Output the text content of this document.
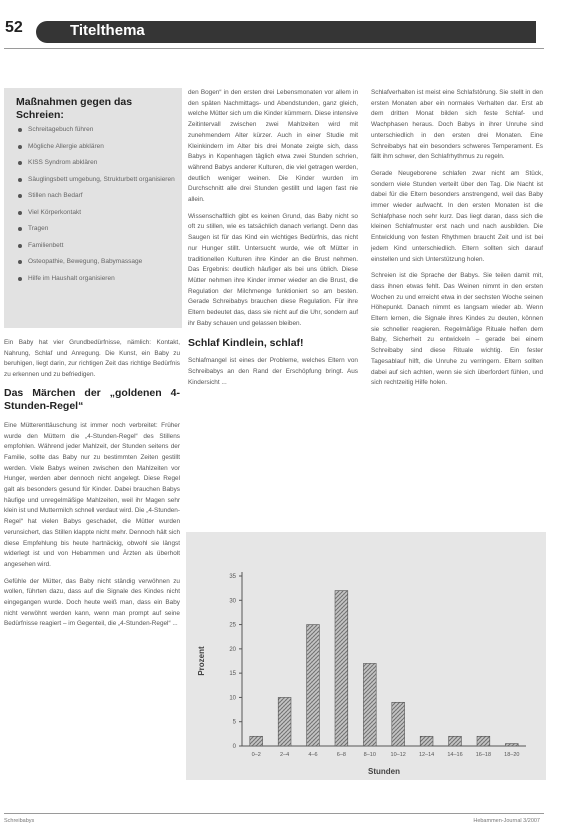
52	Titelthema
Maßnahmen gegen das Schreien:
Schreitagebuch führen
Mögliche Allergie abklären
KISS Syndrom abklären
Säuglingsbett umgebung, Strukturbett organisieren
Stillen nach Bedarf
Viel Körperkontakt
Tragen
Familienbett
Osteopathie, Bewegung, Babymassage
Hilfe im Haushalt organisieren

Ein Baby hat vier Grundbedürfnisse, nämlich: Kontakt, Nahrung, Schlaf und Anregung. Die Kunst, ein Baby zu beruhigen, liegt darin, zur richtigen Zeit das richtige Bedürfnis zu erkennen und zu befriedigen.

Das Märchen der „goldenen 4-Stunden-Regel“

Eine Mütterenttäuschung ist immer noch verbreitet: Früher wurde den Müttern die „4-Stunden-Regel“ des Stillens empfohlen. Während jeder Mahlzeit, der Stunden seitens der Familie, sollte das Baby nur zu bestimmten Zeiten gestillt werden. Viele Babys weinen zwischen den Mahlzeiten vor Hunger, werden aber dennoch nicht angelegt. Diese Regel galt als besonders gesund für Kinder. Dabei brauchen Babys häufige und unregelmäßige Mahlzeiten, weil ihr Magen sehr klein ist und Muttermilch schnell verdaut wird. Die „4-Stunden-Regel“ hat vielen Babys geschadet, die Mütter wurden verunsichert, das Stillen klappte nicht mehr. Dennoch hält sich diese Empfehlung bis heute hartnäckig, obwohl sie längst widerlegt ist und von Hebammen und Ärzten als überholt angesehen wird.

Gefühle der Mütter, das Baby nicht ständig verwöhnen zu wollen, führten dazu, dass auf die Signale des Kindes nicht eingegangen wurde. Doch heute weiß man, dass ein Baby nicht verwöhnt werden kann, wenn man prompt auf seine Bedürfnisse reagiert – im Gegenteil, die „4-Stunden-Regel“ ...

den Bogen“ in den ersten drei Lebensmonaten vor allem in den späten Nachmittags- und Abendstunden, ganz gleich, welche Mütter sich um die Kinder kümmern. Diese intensive Zeitintervall zwischen zwei Mahlzeiten wird mit zunehmendem Alter kürzer. Auch in einer Studie mit Kleinkindern im Alter bis drei Monate zeigte sich, dass Babys in Kopenhagen täglich etwa zwei Stunden schrien, während Babys anderer Kulturen, die viel getragen werden, deutlich weniger weinen. Die Kinder wurden im Durchschnitt alle drei Stunden gestillt und lagen fast nie allein.

Wissenschaftlich gibt es keinen Grund, das Baby nicht so oft zu stillen, wie es tatsächlich danach verlangt. Denn das Saugen ist für das Kind ein wichtiges Bedürfnis, das nicht nur Hunger stillt. Untersucht wurde, wie oft Mütter in traditionellen Kulturen ihre Kinder an die Brust nehmen. Das Ergebnis: deutlich häufiger als bei uns üblich. Diese Mütter nehmen ihre Kinder immer wieder an die Brust, die Regulation der Milchmenge funktioniert so am besten. Gerade Schreibabys brauchen diese Regulation. Für ihre Eltern bedeutet das, dass sie nicht auf die Uhr, sondern auf ihr Baby schauen und gelassen bleiben.

Schlaf Kindlein, schlaf!

Schlafmangel ist eines der Probleme, welches Eltern von Schreibabys an den Rand der Erschöpfung bringt. Aus Kindersicht ...

Schlafverhalten ist meist eine Schlafstörung. Sie stellt in den ersten Monaten aber ein normales Verhalten dar. Erst ab dem dritten Monat bilden sich feste Schlaf- und Wachphasen heraus. Doch Babys in ihrer Unruhe sind unterschiedlich in den ersten drei Monaten. Eine Schreibabys hat ein besonders schweres Temperament. Es fällt ihm schwer, den Schlafrhythmus zu regeln.

Gerade Neugeborene schlafen zwar nicht am Stück, sondern viele Stunden verteilt über den Tag. Die Nacht ist dabei für die Eltern besonders anstrengend, weil das Baby immer wieder aufwacht. In den ersten Monaten ist die Schlafphase noch sehr kurz. Das liegt daran, dass sich die kleinen Schlafmuster erst nach und nach ausbilden. Die Entwicklung von festen Rhythmen braucht Zeit und ist bei jedem Kind unterschiedlich. Eltern sollten sich darauf einstellen und sich Unterstützung holen.

Schreien ist die Sprache der Babys. Sie teilen damit mit, dass ihnen etwas fehlt. Das Weinen nimmt in den ersten Wochen zu und erreicht etwa in der sechsten Woche seinen Höhepunkt. Danach nimmt es langsam wieder ab. Wenn Eltern lernen, die Signale ihres Kindes zu deuten, können sie schneller reagieren. Regelmäßige Rituale helfen dem Baby, Sicherheit zu entwickeln – gerade bei einem Schreibaby sind diese Rituale wichtig. Ein fester Tagesablauf hilft, die Unruhe zu verringern. Eltern sollten dabei auf sich achten, wenn sie sich überfordert fühlen, und sich rechtzeitig Hilfe holen.

0
5
10
15
20
25
30
35
0–2	2–4	4–6	6–8	8–10	10–12 12–14 14–16 16–18 18–20
Prozent
Stunden
Schreibabys	Hebammen-Journal 3/2007
